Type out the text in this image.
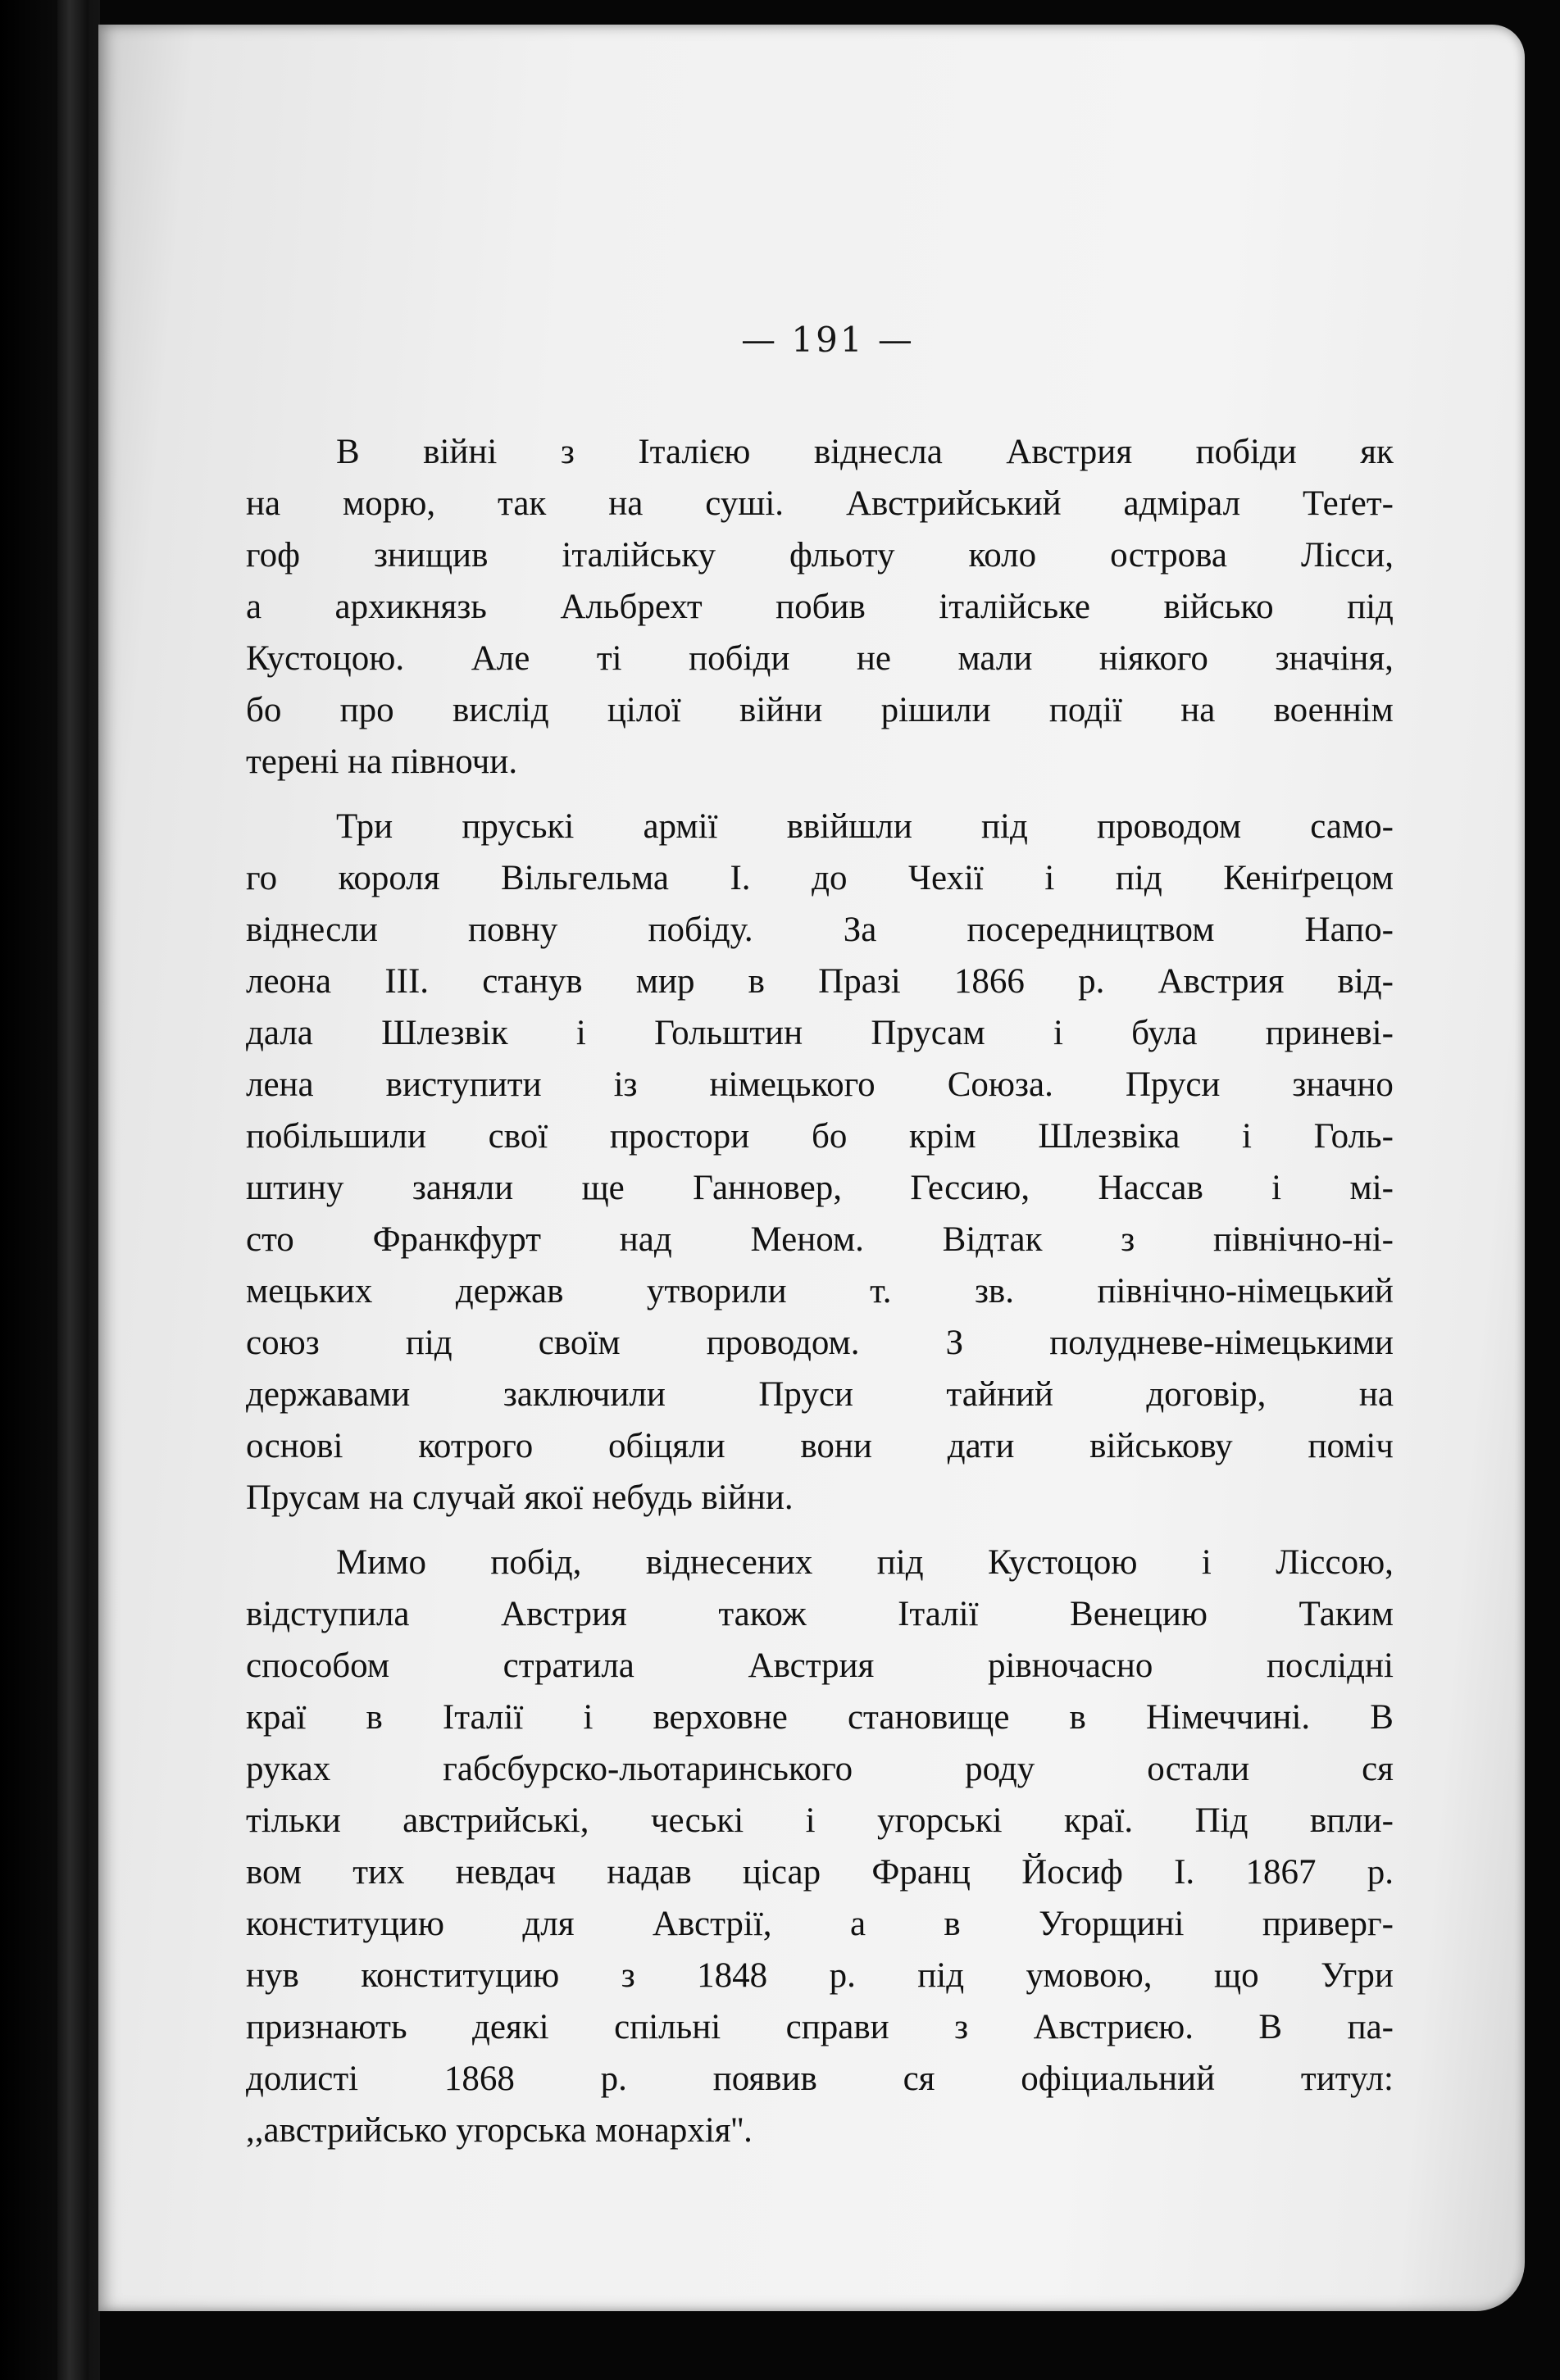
— 191 —
В війні з Італією віднесла Австрия побіди як
на морю, так на суші. Австрийський адмірал Теґет-
гоф знищив італійську фльоту коло острова Лісси,
а архикнязь Альбрехт побив італійське військо під
Кустоцою. Але ті побіди не мали ніякого значіня,
бо про вислід цілої війни рішили події на военнім
терені на півночи.
Три пруські армії ввійшли під проводом само-
го короля Вільгельма І. до Чехії і під Кеніґрецом
віднесли	повну	побіду.	За	посередництвом	Напо-
леона III. станув мир в Празі 1866 р. Австрия від-
дала Шлезвік і Гольштин Прусам і була приневі-
лена виступити із німецького Союза. Пруси значно
побільшили свої простори бо крім Шлезвіка і Голь-
штину заняли ще Ганновер, Гессию, Нассав і мі-
сто Франкфурт над Меном. Відтак з північно-ні-
мецьких держав утворили т. зв. північно-німецький
союз під своїм проводом. З полудневе-німецькими
державами	заключили	Пруси	тайний	договір,	на
основі котрого обіцяли вони дати військову поміч
Прусам на случай якої небудь війни.
Мимо побід, віднесених під Кустоцою і Ліссою,
відступила	Австрия	також	Італії	Венецию	Таким
способом	стратила	Австрия	рівночасно	послідні
краї в Італії і верховне становище в Німеччині. В
руках	габсбурско-льотаринського	роду	остали	ся
тільки австрийські, чеські і угорські краї. Під впли-
вом тих невдач надав цісар Франц Йосиф І. 1867 р.
конституцию для Австрії, а в Угорщині приверг-
нув конституцию з 1848 р. під умовою, що Угри
признають деякі спільні справи з Австриєю. В па-
долисті 1868 р. появив ся офіциальний титул:
,,австрийсько угорська монархія''.
